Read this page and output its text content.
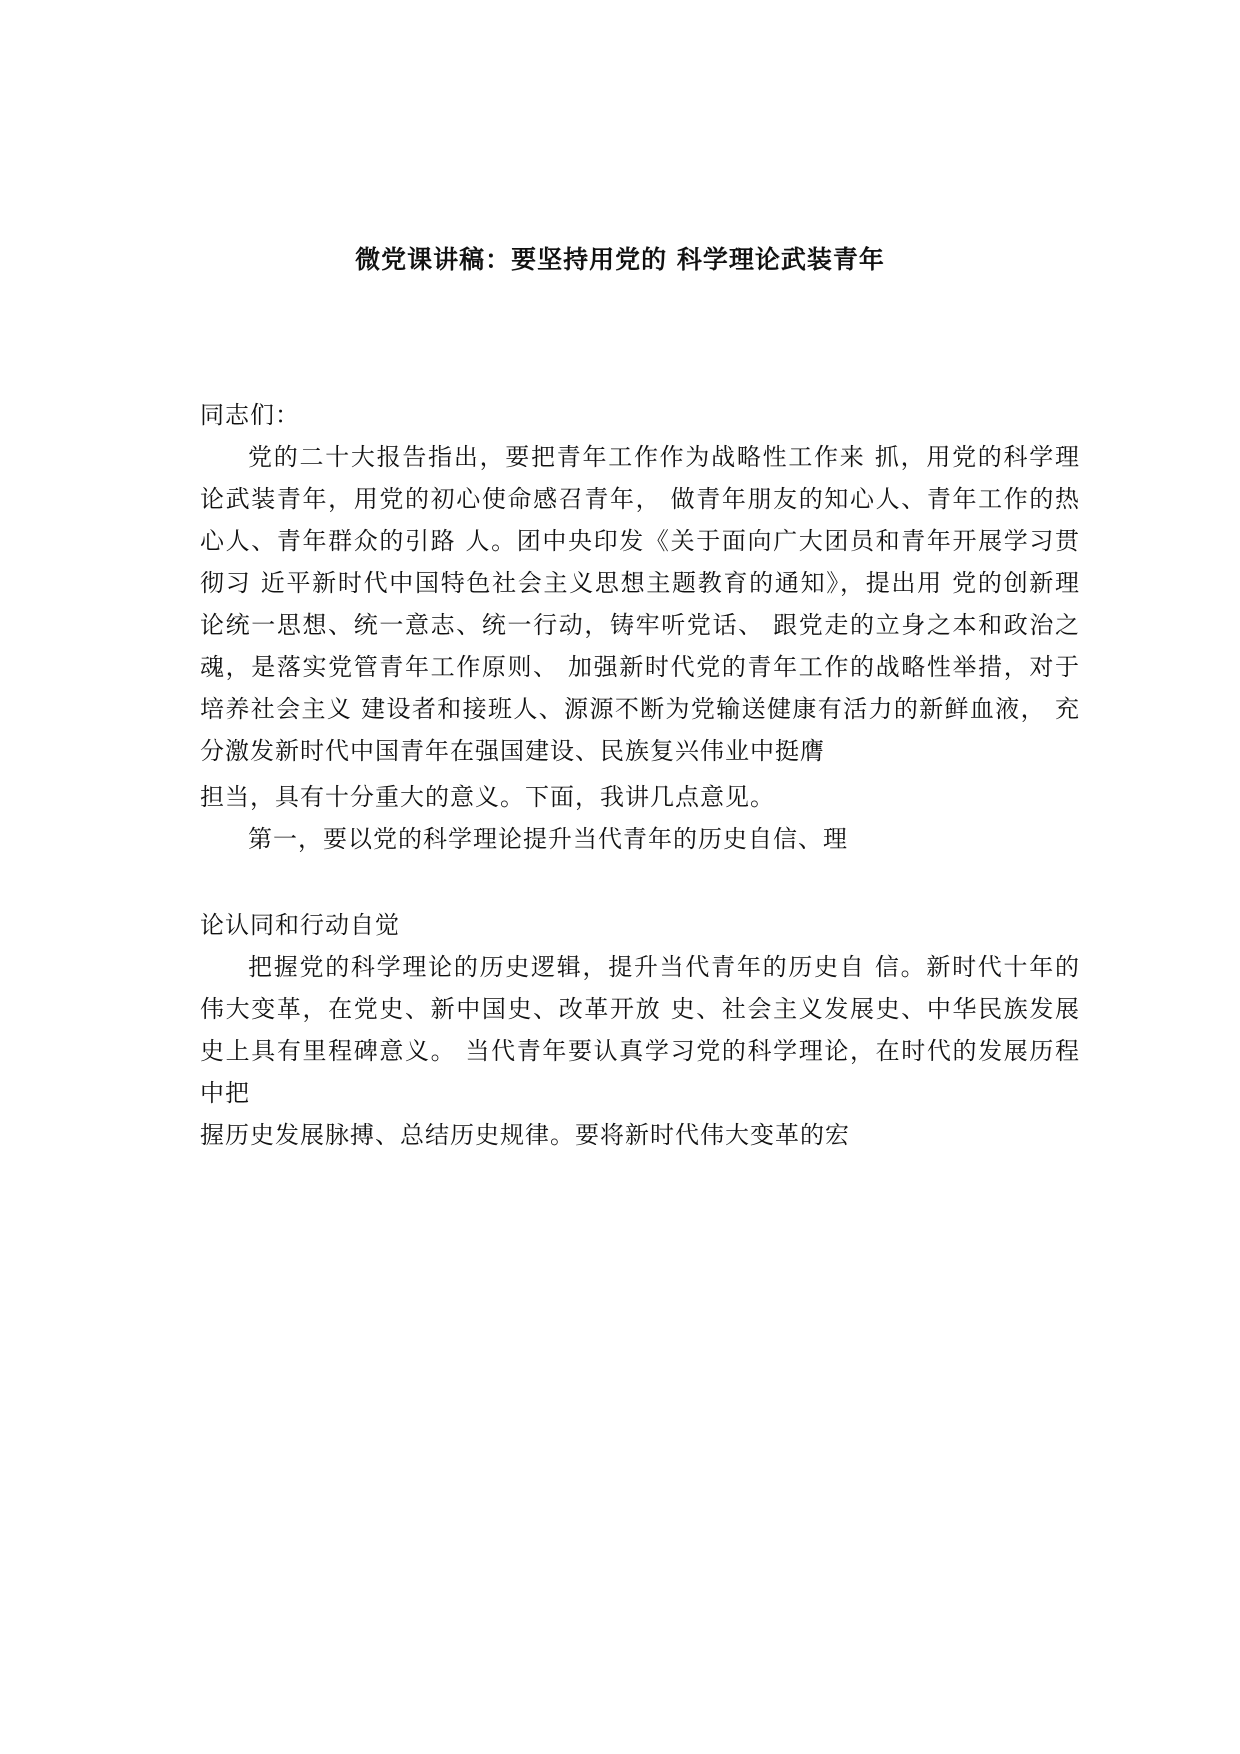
微党课讲稿：要坚持用党的 科学理论武装青年

同志们：

党的二十大报告指出，要把青年工作作为战略性工作来 抓，用党的科学理论武装青年，用党的初心使命感召青年， 做青年朋友的知心人、青年工作的热心人、青年群众的引路 人。团中央印发《关于面向广大团员和青年开展学习贯彻习 近平新时代中国特色社会主义思想主题教育的通知》，提出用 党的创新理论统一思想、统一意志、统一行动，铸牢听党话、 跟党走的立身之本和政治之魂，是落实党管青年工作原则、 加强新时代党的青年工作的战略性举措，对于培养社会主义 建设者和接班人、源源不断为党输送健康有活力的新鲜血液， 充分激发新时代中国青年在强国建设、民族复兴伟业中挺膺

担当，具有十分重大的意义。下面，我讲几点意见。

第一，要以党的科学理论提升当代青年的历史自信、理

论认同和行动自觉

把握党的科学理论的历史逻辑，提升当代青年的历史自 信。新时代十年的伟大变革，在党史、新中国史、改革开放 史、社会主义发展史、中华民族发展史上具有里程碑意义。 当代青年要认真学习党的科学理论，在时代的发展历程中把

握历史发展脉搏、总结历史规律。要将新时代伟大变革的宏
